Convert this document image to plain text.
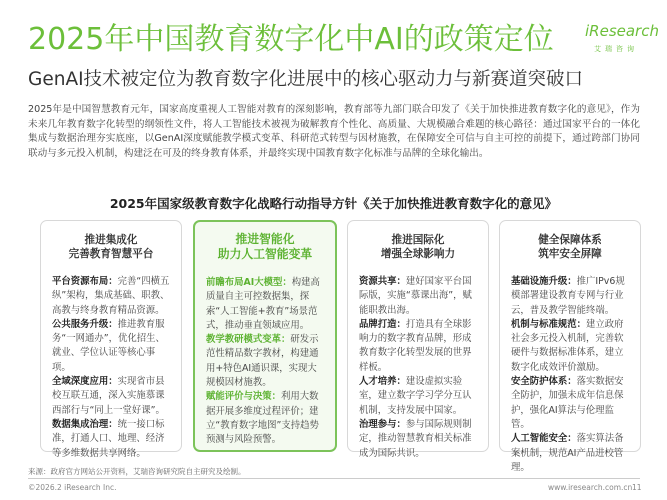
2025年中国教育数字化中AI的政策定位 iResearch
艾瑞咨询
GenAI技术被定位为教育数字化进展中的核心驱动力与新赛道突破口
2025年是中国智慧教育元年，国家高度重视人工智能对教育的深刻影响，教育部等九部门联合印发了《关于加快推进教育数字化的意见》，作为未来几年教育数字化转型的纲领性文件，将人工智能技术被视为破解教育个性化、高质量、大规模融合难题的核心路径：通过国家平台的一体化集成与数据治理夯实底座，以GenAI深度赋能教学模式变革、科研范式转型与因材施教，在保障安全可信与自主可控的前提下，通过跨部门协同联动与多元投入机制，构建泛在可及的终身教育体系，并最终实现中国教育数字化标准与品牌的全球化输出。
2025年国家级教育数字化战略行动指导方针《关于加快推进教育数字化的意见》
推进集成化
完善教育智慧平台

平台资源布局：完善“四横五纵”架构，集成基础、职教、高教与终身教育精品资源。

公共服务升级：推进教育服务“一网通办”，优化招生、就业、学位认证等核心事项。

全域深度应用：实现省市县校互联互通，深入实施慕课西部行与“同上一堂好课”。

数据集成治理：统一接口标准，打通人口、地理、经济等多维数据共享网络。

推进智能化
助力人工智能变革

前瞻布局AI大模型：构建高质量自主可控数据集，探索“人工智能+教育”场景范式，推动垂直领域应用。

教学教研模式变革：研发示范性精品数字教材，构建通用+特色AI通识课，实现大规模因材施教。

赋能评价与决策：利用大数据开展多维度过程评价；建立“教育数字地图”支持趋势预测与风险预警。

推进国际化
增强全球影响力

资源共享：建好国家平台国际版，实施“慕课出海”，赋能职教出海。

品牌打造：打造具有全球影响力的数字教育品牌，形成教育数字化转型发展的世界样板。

人才培养：建设虚拟实验室，建立数字学习学分互认机制，支持发展中国家。

治理参与：参与国际规则制定，推动智慧教育相关标准成为国际共识。

健全保障体系
筑牢安全屏障

基础设施升级：推广IPv6规模部署建设教育专网与行业云，普及教学智能终端。

机制与标准规范：建立政府社会多元投入机制，完善软硬件与数据标准体系，建立数字化成效评价激励。

安全防护体系：落实数据安全防护，加强未成年信息保护，强化AI算法与伦理监管。

人工智能安全：落实算法备案机制，规范AI产品进校管理。

来源：政府官方网站公开资料，艾瑞咨询研究院自主研究及绘制。
©2026.2 iResearch Inc.	www.iresearch.com.cn 11
